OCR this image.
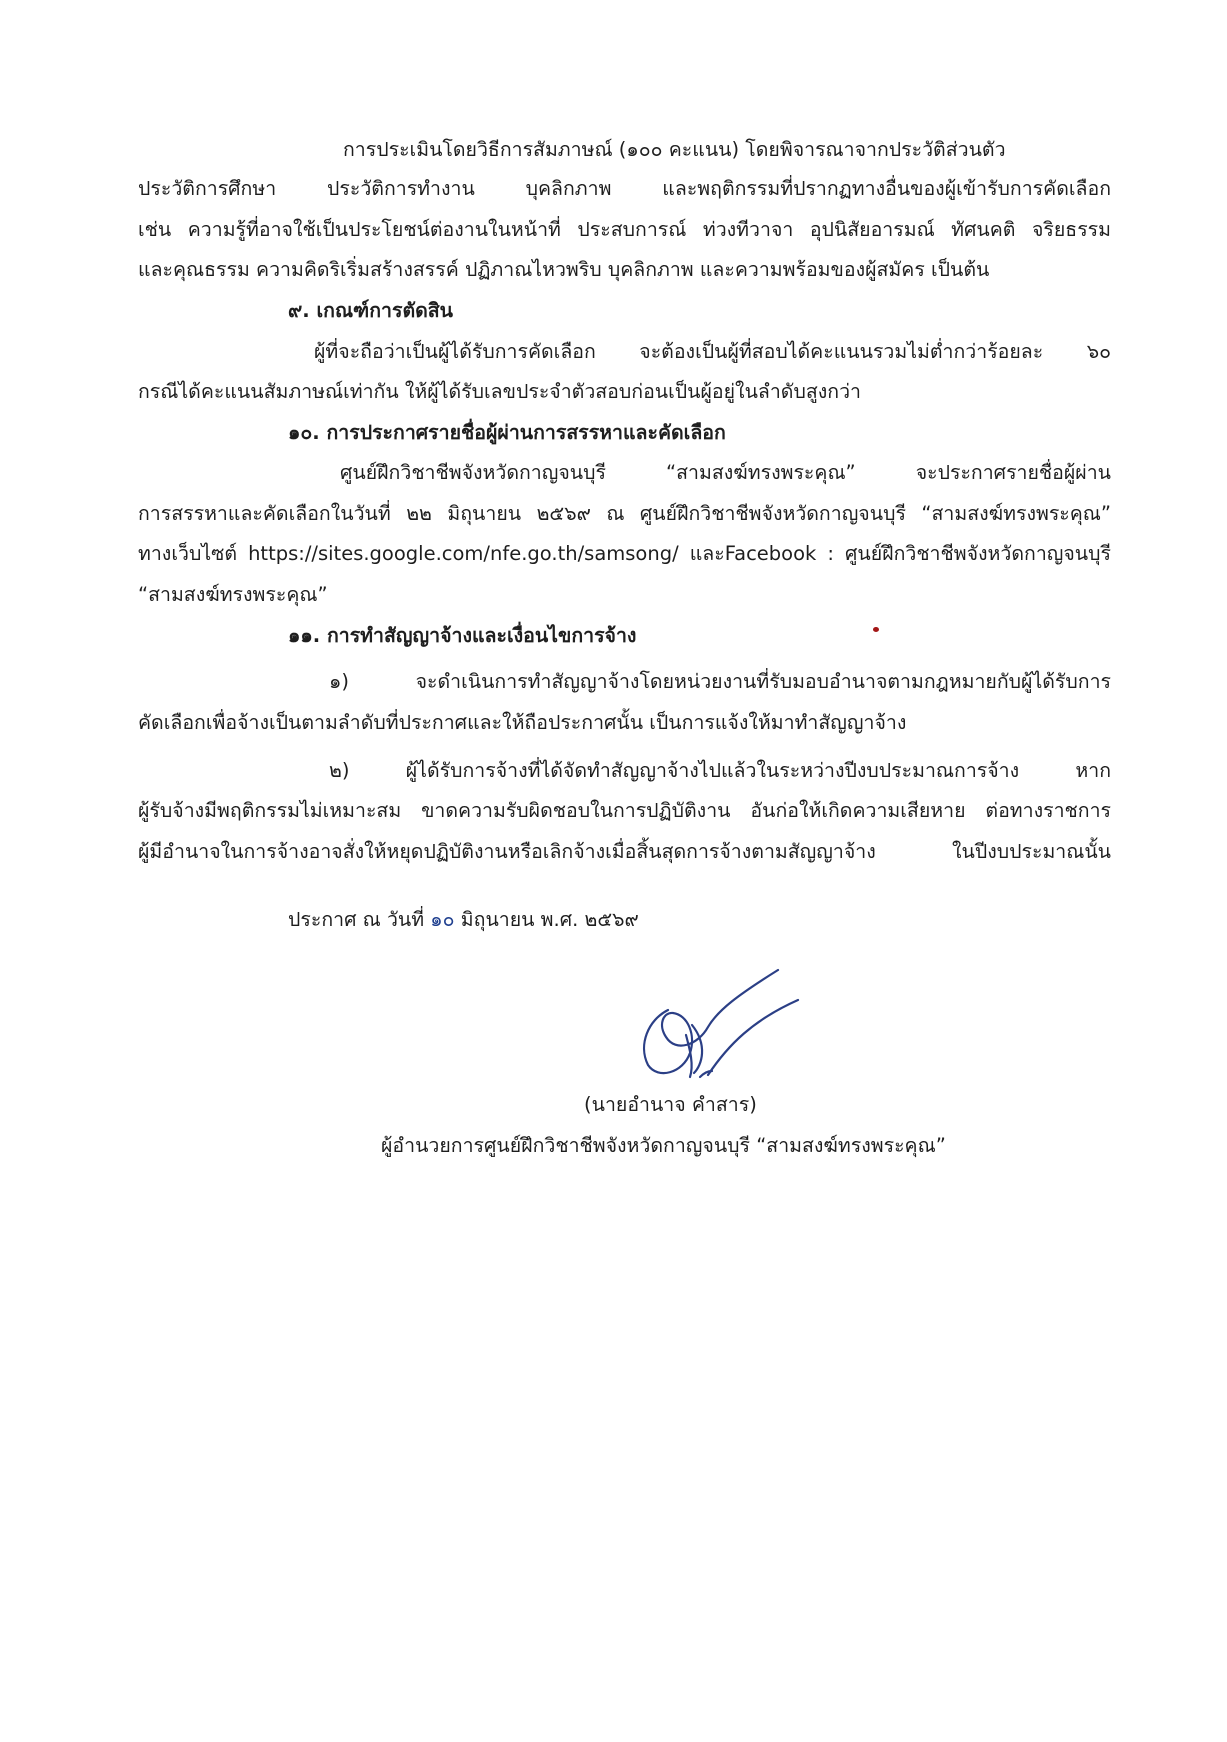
การประเมินโดยวิธีการสัมภาษณ์ (๑๐๐ คะแนน) โดยพิจารณาจากประวัติส่วนตัว
ประวัติการศึกษา ประวัติการทำงาน บุคลิกภาพ และพฤติกรรมที่ปรากฏทางอื่นของผู้เข้ารับการคัดเลือก
เช่น ความรู้ที่อาจใช้เป็นประโยชน์ต่องานในหน้าที่ ประสบการณ์ ท่วงทีวาจา อุปนิสัยอารมณ์ ทัศนคติ จริยธรรม
และคุณธรรม ความคิดริเริ่มสร้างสรรค์ ปฏิภาณไหวพริบ บุคลิกภาพ และความพร้อมของผู้สมัคร เป็นต้น
๙. เกณฑ์การตัดสิน
ผู้ที่จะถือว่าเป็นผู้ได้รับการคัดเลือก จะต้องเป็นผู้ที่สอบได้คะแนนรวมไม่ต่ำกว่าร้อยละ ๖๐
กรณีได้คะแนนสัมภาษณ์เท่ากัน ให้ผู้ได้รับเลขประจำตัวสอบก่อนเป็นผู้อยู่ในลำดับสูงกว่า
๑๐. การประกาศรายชื่อผู้ผ่านการสรรหาและคัดเลือก
ศูนย์ฝึกวิชาชีพจังหวัดกาญจนบุรี “สามสงฆ์ทรงพระคุณ” จะประกาศรายชื่อผู้ผ่าน
การสรรหาและคัดเลือกในวันที่ ๒๒ มิถุนายน ๒๕๖๙ ณ ศูนย์ฝึกวิชาชีพจังหวัดกาญจนบุรี “สามสงฆ์ทรงพระคุณ”
ทางเว็บไซต์ https://sites.google.com/nfe.go.th/samsong/ และFacebook : ศูนย์ฝึกวิชาชีพจังหวัดกาญจนบุรี
“สามสงฆ์ทรงพระคุณ”
๑๑. การทำสัญญาจ้างและเงื่อนไขการจ้าง
๑) จะดำเนินการทำสัญญาจ้างโดยหน่วยงานที่รับมอบอำนาจตามกฎหมายกับผู้ได้รับการ
คัดเลือกเพื่อจ้างเป็นตามลำดับที่ประกาศและให้ถือประกาศนั้น เป็นการแจ้งให้มาทำสัญญาจ้าง
๒) ผู้ได้รับการจ้างที่ได้จัดทำสัญญาจ้างไปแล้วในระหว่างปีงบประมาณการจ้าง หาก
ผู้รับจ้างมีพฤติกรรมไม่เหมาะสม ขาดความรับผิดชอบในการปฏิบัติงาน อันก่อให้เกิดความเสียหาย ต่อทางราชการ
ผู้มีอำนาจในการจ้างอาจสั่งให้หยุดปฏิบัติงานหรือเลิกจ้างเมื่อสิ้นสุดการจ้างตามสัญญาจ้าง ในปีงบประมาณนั้น
ประกาศ ณ วันที่ ๑๐ มิถุนายน พ.ศ. ๒๕๖๙
(นายอำนาจ คำสาร)
ผู้อำนวยการศูนย์ฝึกวิชาชีพจังหวัดกาญจนบุรี “สามสงฆ์ทรงพระคุณ”
